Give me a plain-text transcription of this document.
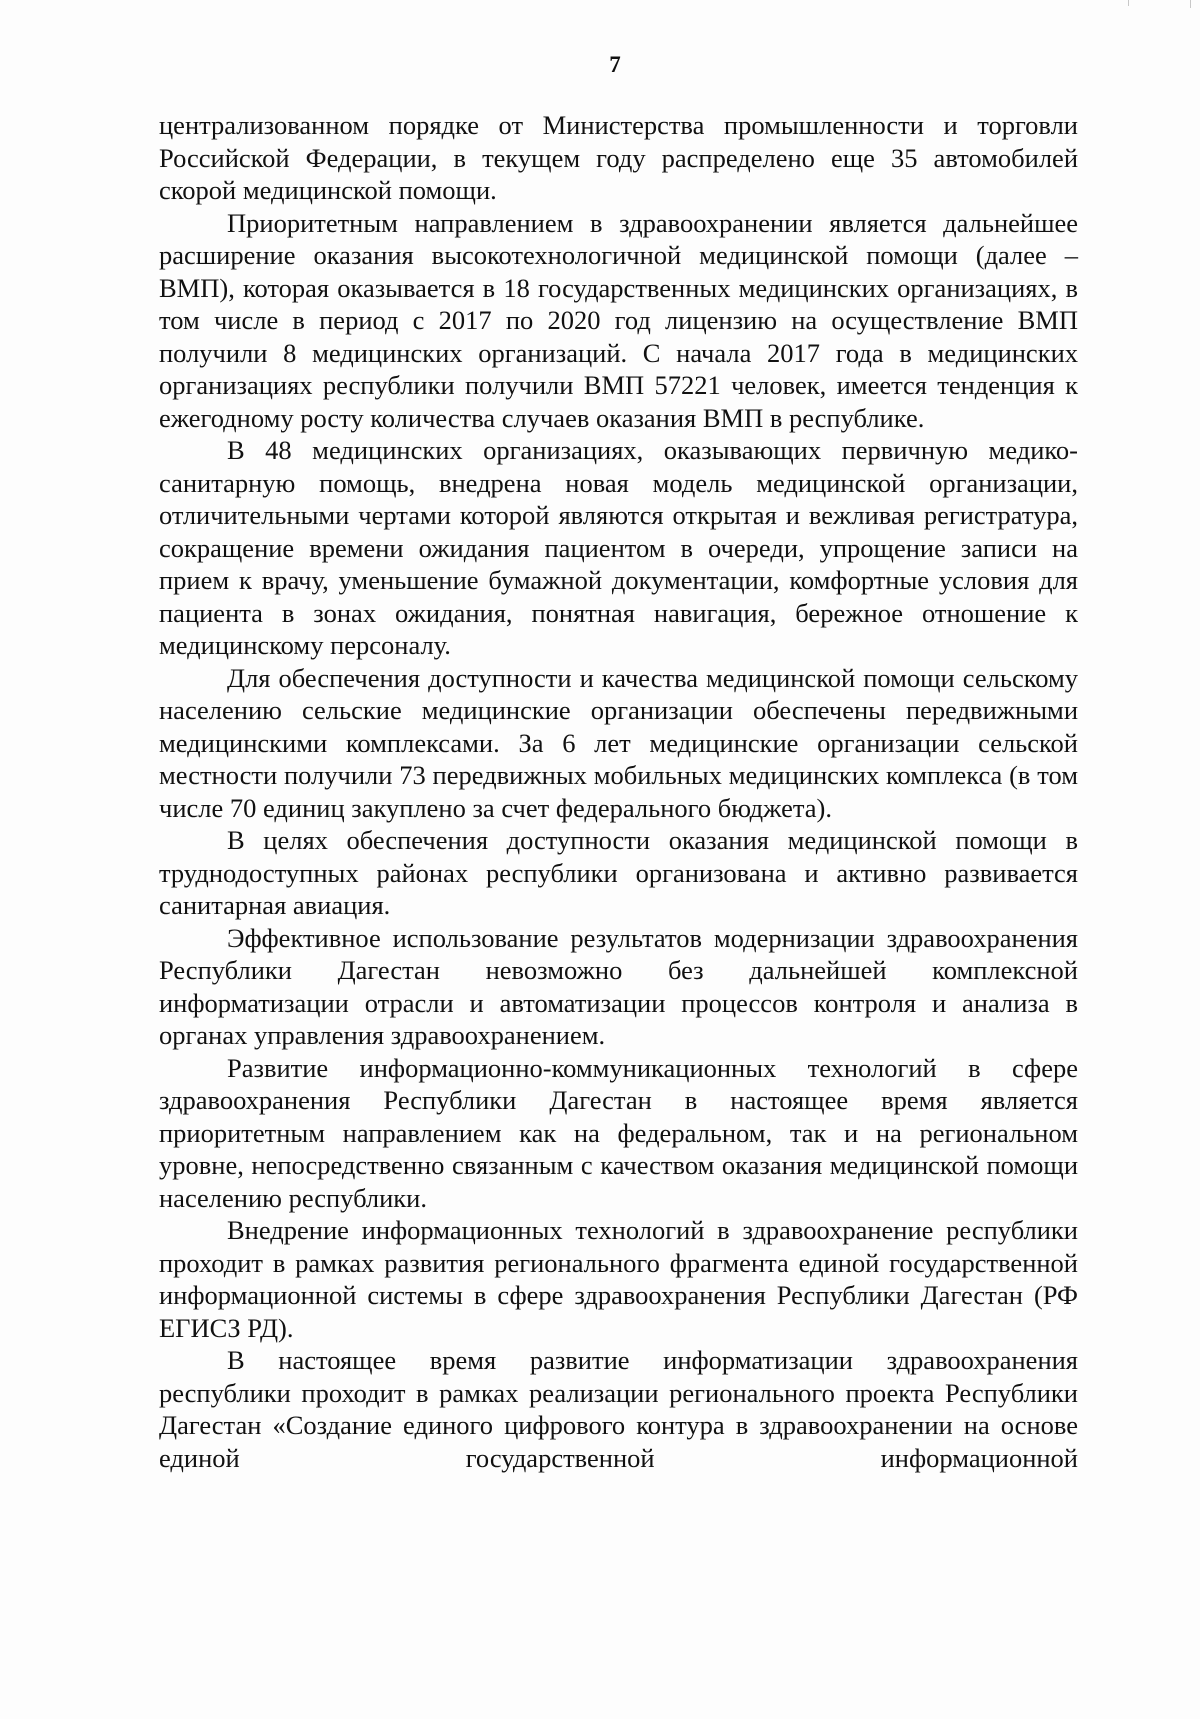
7

централизованном порядке от Министерства промышленности и торговли Российской Федерации, в текущем году распределено еще 35 автомобилей скорой медицинской помощи.

Приоритетным направлением в здравоохранении является дальнейшее расширение оказания высокотехнологичной медицинской помощи (далее – ВМП), которая оказывается в 18 государственных медицинских организациях, в том числе в период с 2017 по 2020 год лицензию на осуществление ВМП получили 8 медицинских организаций. С начала 2017 года в медицинских организациях республики получили ВМП 57221 человек, имеется тенденция к ежегодному росту количества случаев оказания ВМП в республике.

В 48 медицинских организациях, оказывающих первичную медико-санитарную помощь, внедрена новая модель медицинской организации, отличительными чертами которой являются открытая и вежливая регистратура, сокращение времени ожидания пациентом в очереди, упрощение записи на прием к врачу, уменьшение бумажной документации, комфортные условия для пациента в зонах ожидания, понятная навигация, бережное отношение к медицинскому персоналу.

Для обеспечения доступности и качества медицинской помощи сельскому населению сельские медицинские организации обеспечены передвижными медицинскими комплексами. За 6 лет медицинские организации сельской местности получили 73 передвижных мобильных медицинских комплекса (в том числе 70 единиц закуплено за счет федерального бюджета).

В целях обеспечения доступности оказания медицинской помощи в труднодоступных районах республики организована и активно развивается санитарная авиация.

Эффективное использование результатов модернизации здравоохранения Республики Дагестан невозможно без дальнейшей комплексной информатизации отрасли и автоматизации процессов контроля и анализа в органах управления здравоохранением.

Развитие информационно-коммуникационных технологий в сфере здравоохранения Республики Дагестан в настоящее время является приоритетным направлением как на федеральном, так и на региональном уровне, непосредственно связанным с качеством оказания медицинской помощи населению республики.

Внедрение информационных технологий в здравоохранение республики проходит в рамках развития регионального фрагмента единой государственной информационной системы в сфере здравоохранения Республики Дагестан (РФ ЕГИСЗ РД).

В настоящее время развитие информатизации здравоохранения республики проходит в рамках реализации регионального проекта Республики Дагестан «Создание единого цифрового контура в здравоохранении на основе единой государственной информационной
